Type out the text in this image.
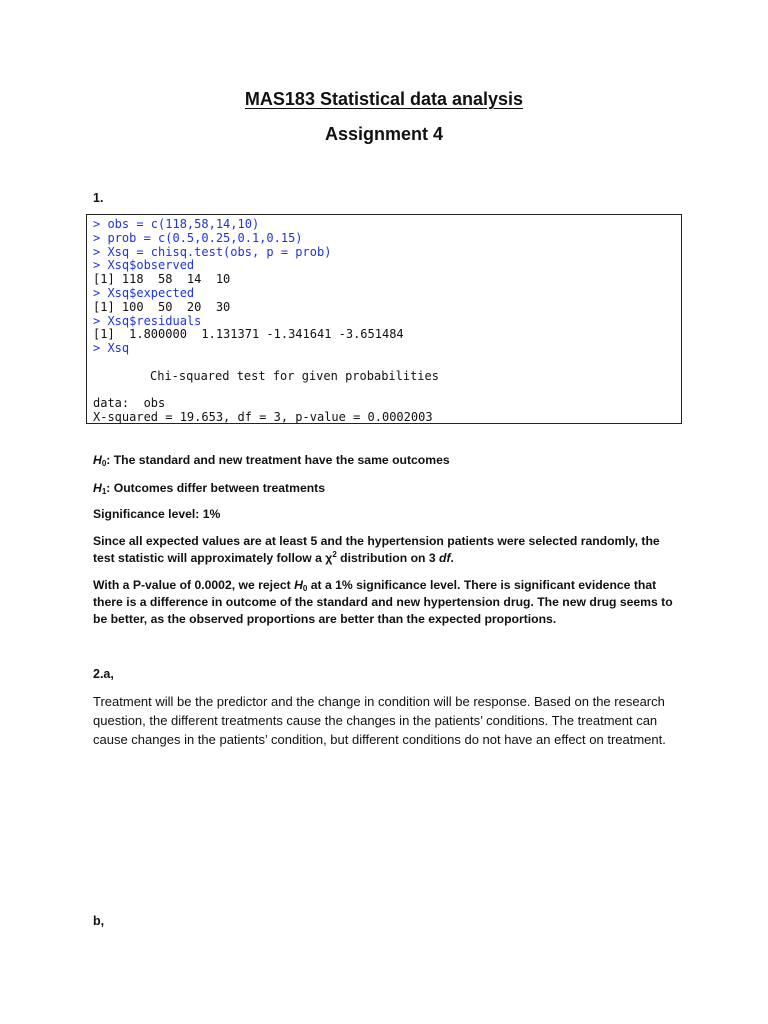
MAS183 Statistical data analysis
Assignment 4
1.
> obs = c(118,58,14,10)
> prob = c(0.5,0.25,0.1,0.15)
> Xsq = chisq.test(obs, p = prob)
> Xsq$observed
[1] 118  58  14  10
> Xsq$expected
[1] 100  50  20  30
> Xsq$residuals
[1]  1.800000  1.131371 -1.341641 -3.651484
> Xsq
Chi-squared test for given probabilities
data:  obs
X-squared = 19.653, df = 3, p-value = 0.0002003
$H_0$: The standard and new treatment have the same outcomes
$H_1$: Outcomes differ between treatments
Significance level: 1%
Since all expected values are at least 5 and the hypertension patients were selected randomly, the test statistic will approximately follow a $\chi^2$ distribution on 3 df.
With a P-value of 0.0002, we reject $H_0$ at a 1% significance level. There is significant evidence that there is a difference in outcome of the standard and new hypertension drug. The new drug seems to be better, as the observed proportions are better than the expected proportions.
2.a,
Treatment will be the predictor and the change in condition will be response. Based on the research question, the different treatments cause the changes in the patients’ conditions. The treatment can cause changes in the patients’ condition, but different conditions do not have an effect on treatment.
b,
